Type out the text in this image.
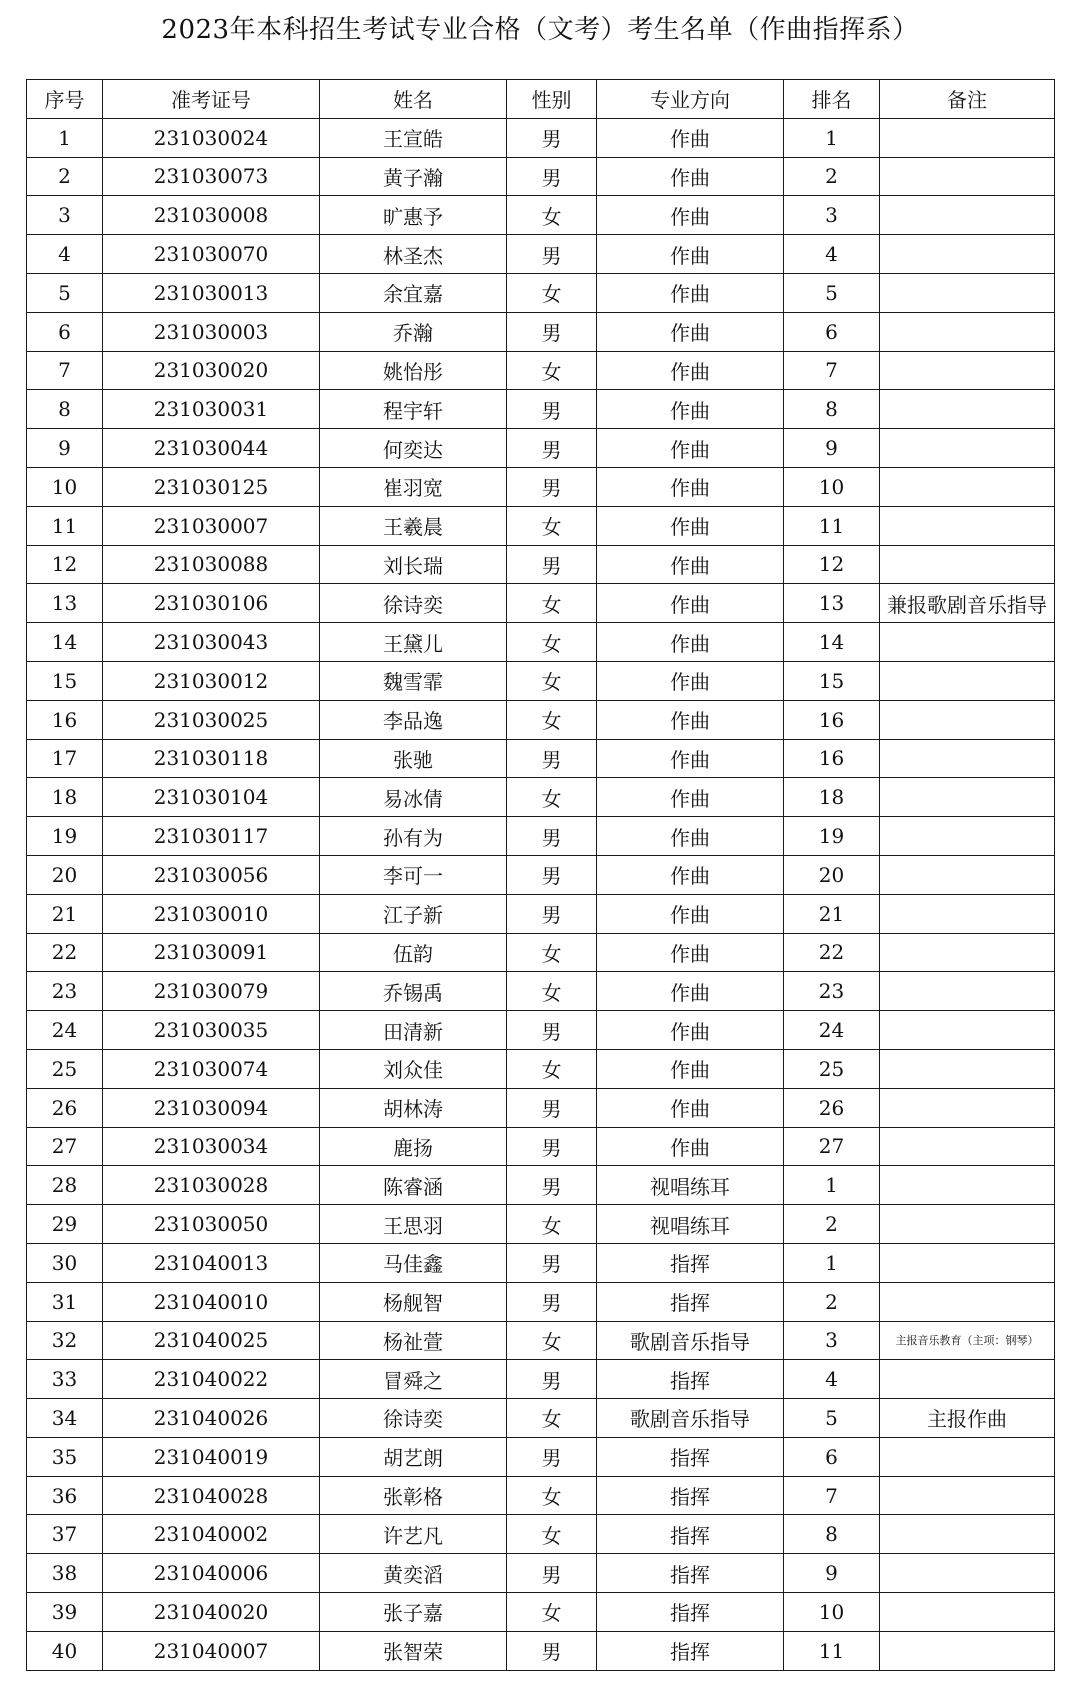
2023年本科招生考试专业合格（文考）考生名单（作曲指挥系）
序号	准考证号	姓名	性别	专业方向	排名	备注
1	231030024	王宣皓	男	作曲	1	
2	231030073	黄子瀚	男	作曲	2	
3	231030008	旷惠予	女	作曲	3	
4	231030070	林圣杰	男	作曲	4	
5	231030013	余宜嘉	女	作曲	5	
6	231030003	乔瀚	男	作曲	6	
7	231030020	姚怡彤	女	作曲	7	
8	231030031	程宇轩	男	作曲	8	
9	231030044	何奕达	男	作曲	9	
10	231030125	崔羽宽	男	作曲	10	
11	231030007	王羲晨	女	作曲	11	
12	231030088	刘长瑞	男	作曲	12	
13	231030106	徐诗奕	女	作曲	13	兼报歌剧音乐指导
14	231030043	王黛儿	女	作曲	14	
15	231030012	魏雪霏	女	作曲	15	
16	231030025	李品逸	女	作曲	16	
17	231030118	张驰	男	作曲	16	
18	231030104	易冰倩	女	作曲	18	
19	231030117	孙有为	男	作曲	19	
20	231030056	李可一	男	作曲	20	
21	231030010	江子新	男	作曲	21	
22	231030091	伍韵	女	作曲	22	
23	231030079	乔锡禹	女	作曲	23	
24	231030035	田清新	男	作曲	24	
25	231030074	刘众佳	女	作曲	25	
26	231030094	胡林涛	男	作曲	26	
27	231030034	鹿扬	男	作曲	27	
28	231030028	陈睿涵	男	视唱练耳	1	
29	231030050	王思羽	女	视唱练耳	2	
30	231040013	马佳鑫	男	指挥	1	
31	231040010	杨舰智	男	指挥	2	
32	231040025	杨祉萱	女	歌剧音乐指导	3	主报音乐教育（主项：钢琴）
33	231040022	冒舜之	男	指挥	4	
34	231040026	徐诗奕	女	歌剧音乐指导	5	主报作曲
35	231040019	胡艺朗	男	指挥	6	
36	231040028	张彰格	女	指挥	7	
37	231040002	许艺凡	女	指挥	8	
38	231040006	黄奕滔	男	指挥	9	
39	231040020	张子嘉	女	指挥	10	
40	231040007	张智荣	男	指挥	11	
